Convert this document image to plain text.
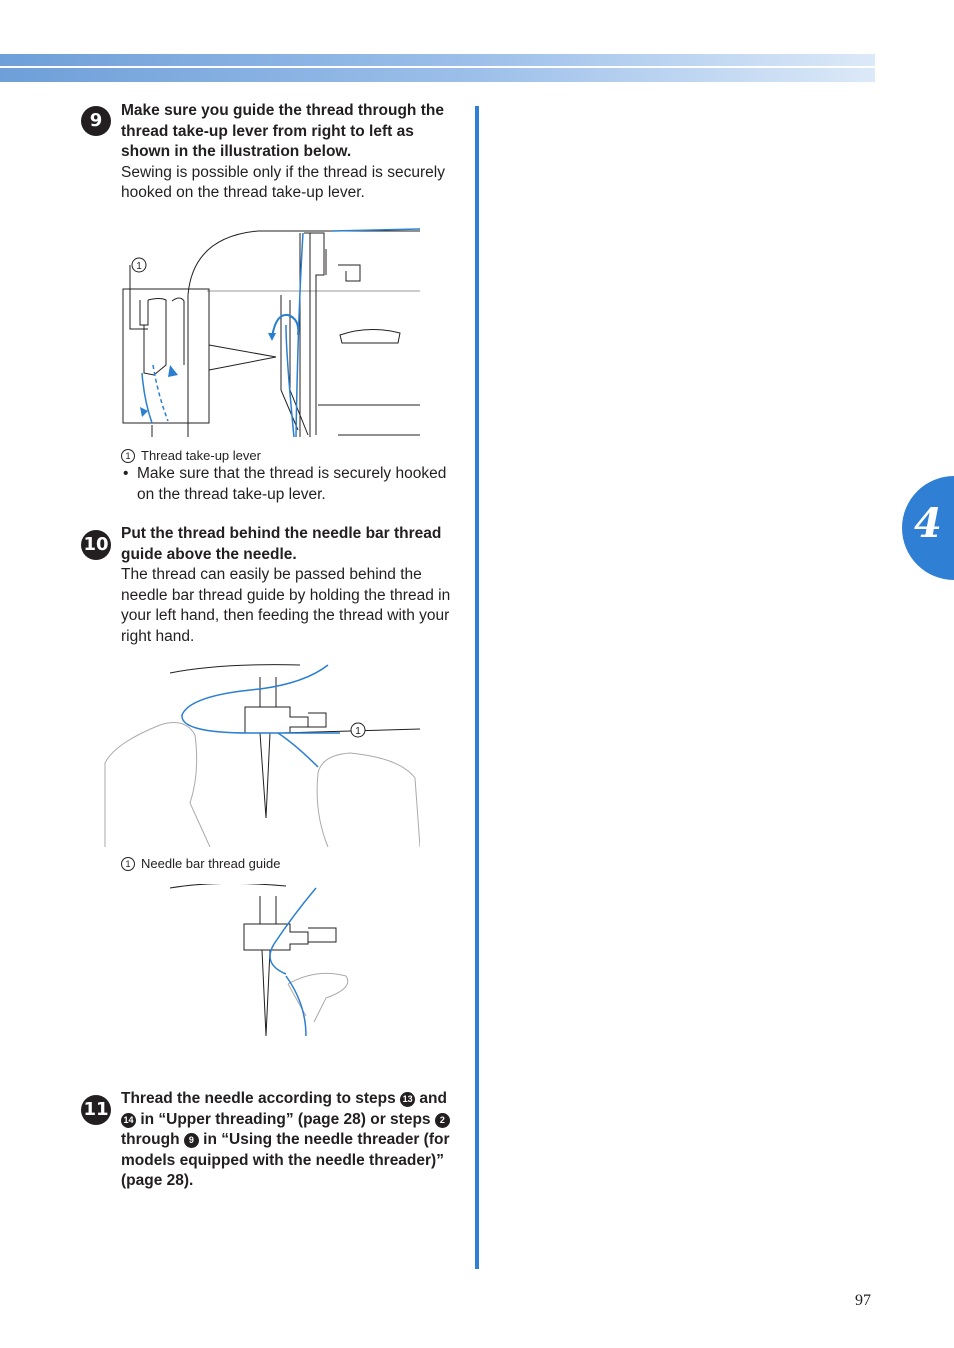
4
9	Make sure you guide the thread through the thread take-up lever from right to left as shown in the illustration below.
Sewing is possible only if the thread is securely hooked on the thread take-up lever.
1
1 Thread take-up lever
• Make sure that the thread is securely hooked on the thread take-up lever.
10
Put the thread behind the needle bar thread guide above the needle.
The thread can easily be passed behind the needle bar thread guide by holding the thread in your left hand, then feeding the thread with your right hand.
1
1 Needle bar thread guide
11
Thread the needle according to steps 13 and 14 in “Upper threading” (page 28) or steps 2 through 9 in “Using the needle threader (for models equipped with the needle threader)” (page 28).
97
